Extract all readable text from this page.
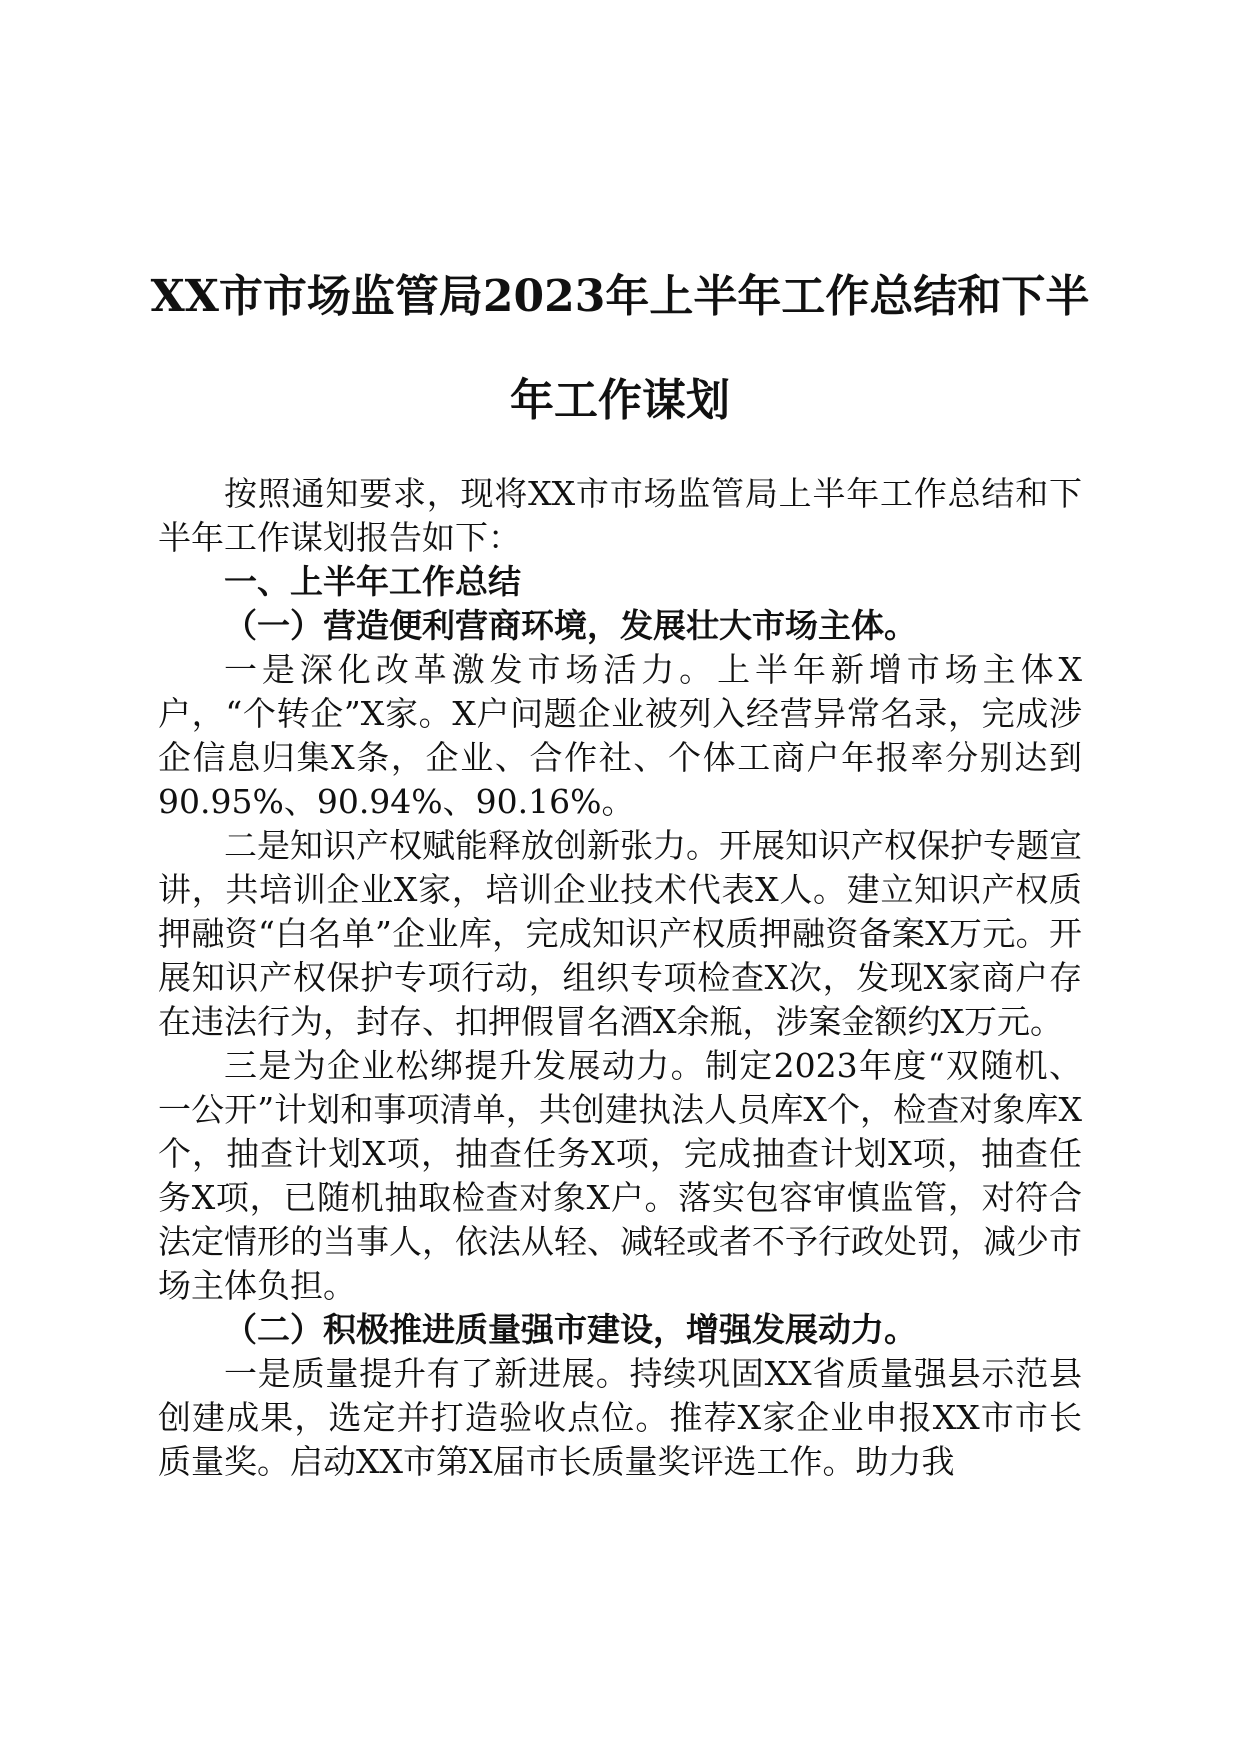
XX市市场监管局2023年上半年工作总结和下半年工作谋划

按照通知要求，现将XX市市场监管局上半年工作总结和下半年工作谋划报告如下：

一、上半年工作总结

（一）营造便利营商环境，发展壮大市场主体。

一是深化改革激发市场活力。上半年新增市场主体X户，“个转企”X家。X户问题企业被列入经营异常名录，完成涉企信息归集X条，企业、合作社、个体工商户年报率分别达到90.95%、90.94%、90.16%。

二是知识产权赋能释放创新张力。开展知识产权保护专题宣讲，共培训企业X家，培训企业技术代表X人。建立知识产权质押融资“白名单”企业库，完成知识产权质押融资备案X万元。开展知识产权保护专项行动，组织专项检查X次，发现X家商户存在违法行为，封存、扣押假冒名酒X余瓶，涉案金额约X万元。

三是为企业松绑提升发展动力。制定2023年度“双随机、一公开”计划和事项清单，共创建执法人员库X个，检查对象库X个，抽查计划X项，抽查任务X项，完成抽查计划X项，抽查任务X项，已随机抽取检查对象X户。落实包容审慎监管，对符合法定情形的当事人，依法从轻、减轻或者不予行政处罚，减少市场主体负担。

（二）积极推进质量强市建设，增强发展动力。

一是质量提升有了新进展。持续巩固XX省质量强县示范县创建成果，选定并打造验收点位。推荐X家企业申报XX市市长质量奖。启动XX市第X届市长质量奖评选工作。助力我
